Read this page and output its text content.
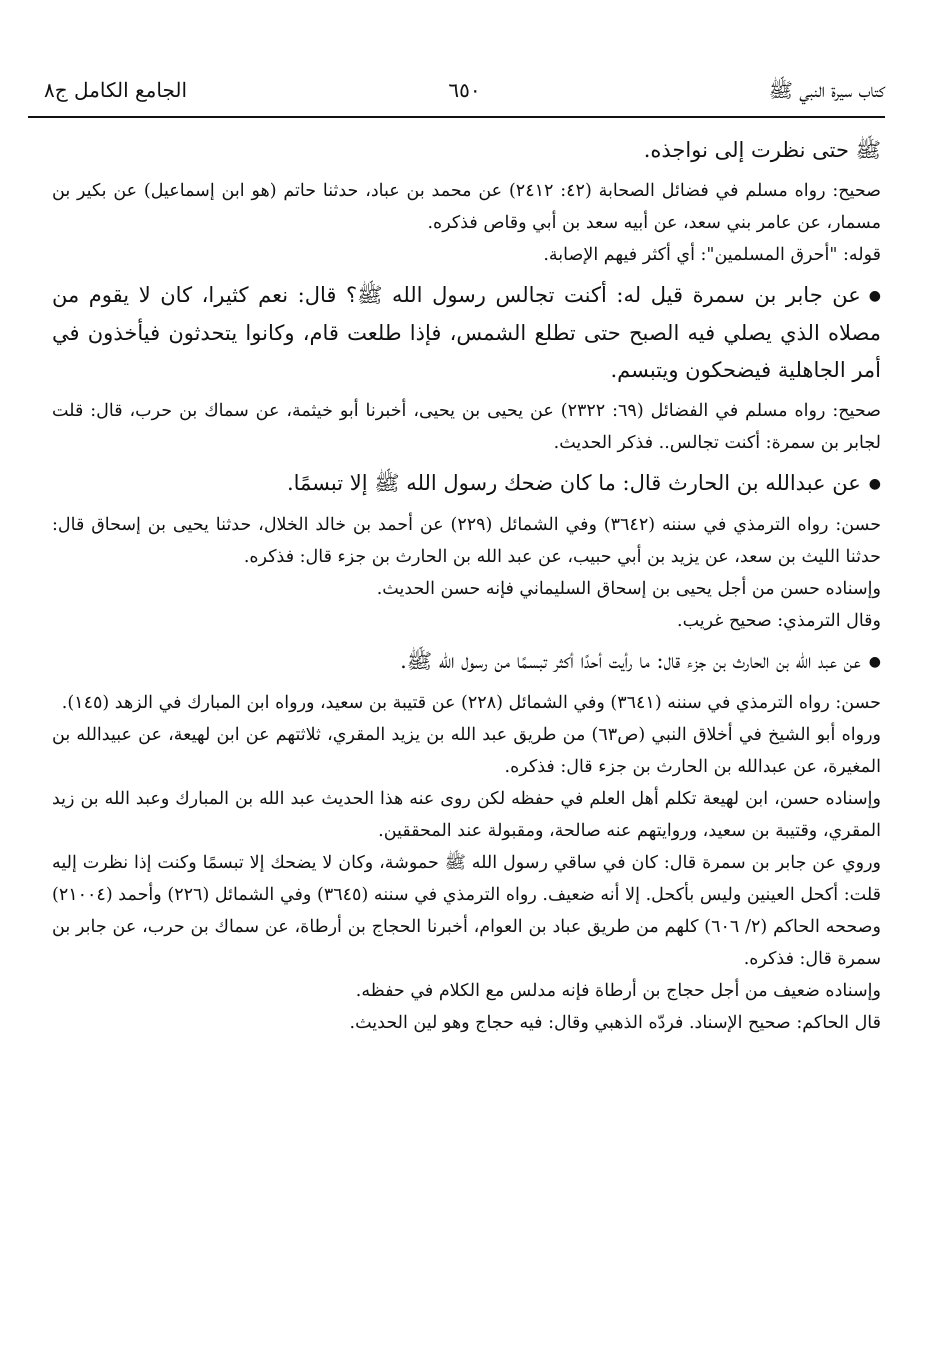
كتاب سيرة النبي ﷺ
٦٥٠
الجامع الكامل ج٨

ﷺ حتى نظرت إلى نواجذه.

صحيح: رواه مسلم في فضائل الصحابة (٤٢: ٢٤١٢) عن محمد بن عباد، حدثنا حاتم (هو ابن إسماعيل) عن بكير بن مسمار، عن عامر بني سعد، عن أبيه سعد بن أبي وقاص فذكره.

قوله: "أحرق المسلمين": أي أكثر فيهم الإصابة.

●عن جابر بن سمرة قيل له: أكنت تجالس رسول الله ﷺ؟ قال: نعم كثيرا، كان لا يقوم من مصلاه الذي يصلي فيه الصبح حتى تطلع الشمس، فإذا طلعت قام، وكانوا يتحدثون فيأخذون في أمر الجاهلية فيضحكون ويتبسم.

صحيح: رواه مسلم في الفضائل (٦٩: ٢٣٢٢) عن يحيى بن يحيى، أخبرنا أبو خيثمة، عن سماك بن حرب، قال: قلت لجابر بن سمرة: أكنت تجالس.. فذكر الحديث.

●عن عبدالله بن الحارث قال: ما كان ضحك رسول الله ﷺ إلا تبسمًا.

حسن: رواه الترمذي في سننه (٣٦٤٢) وفي الشمائل (٢٢٩) عن أحمد بن خالد الخلال، حدثنا يحيى بن إسحاق قال: حدثنا الليث بن سعد، عن يزيد بن أبي حبيب، عن عبد الله بن الحارث بن جزء قال: فذكره.

وإسناده حسن من أجل يحيى بن إسحاق السليماني فإنه حسن الحديث.

وقال الترمذي: صحيح غريب.

●عن عبد الله بن الحارث بن جزء قال: ما رأيت أحدًا أكثر تبسمًا من رسول الله ﷺ.

حسن: رواه الترمذي في سننه (٣٦٤١) وفي الشمائل (٢٢٨) عن قتيبة بن سعيد، ورواه ابن المبارك في الزهد (١٤٥).

ورواه أبو الشيخ في أخلاق النبي (ص٦٣) من طريق عبد الله بن يزيد المقري، ثلاثتهم عن ابن لهيعة، عن عبيدالله بن المغيرة، عن عبدالله بن الحارث بن جزء قال: فذكره.

وإسناده حسن، ابن لهيعة تكلم أهل العلم في حفظه لكن روى عنه هذا الحديث عبد الله بن المبارك وعبد الله بن زيد المقري، وقتيبة بن سعيد، وروايتهم عنه صالحة، ومقبولة عند المحققين.

وروي عن جابر بن سمرة قال: كان في ساقي رسول الله ﷺ حموشة، وكان لا يضحك إلا تبسمًا وكنت إذا نظرت إليه قلت: أكحل العينين وليس بأكحل. إلا أنه ضعيف. رواه الترمذي في سننه (٣٦٤٥) وفي الشمائل (٢٢٦) وأحمد (٢١٠٠٤) وصححه الحاكم (٢/ ٦٠٦) كلهم من طريق عباد بن العوام، أخبرنا الحجاج بن أرطاة، عن سماك بن حرب، عن جابر بن سمرة قال: فذكره.

وإسناده ضعيف من أجل حجاج بن أرطاة فإنه مدلس مع الكلام في حفظه.

قال الحاكم: صحيح الإسناد. فردّه الذهبي وقال: فيه حجاج وهو لين الحديث.
